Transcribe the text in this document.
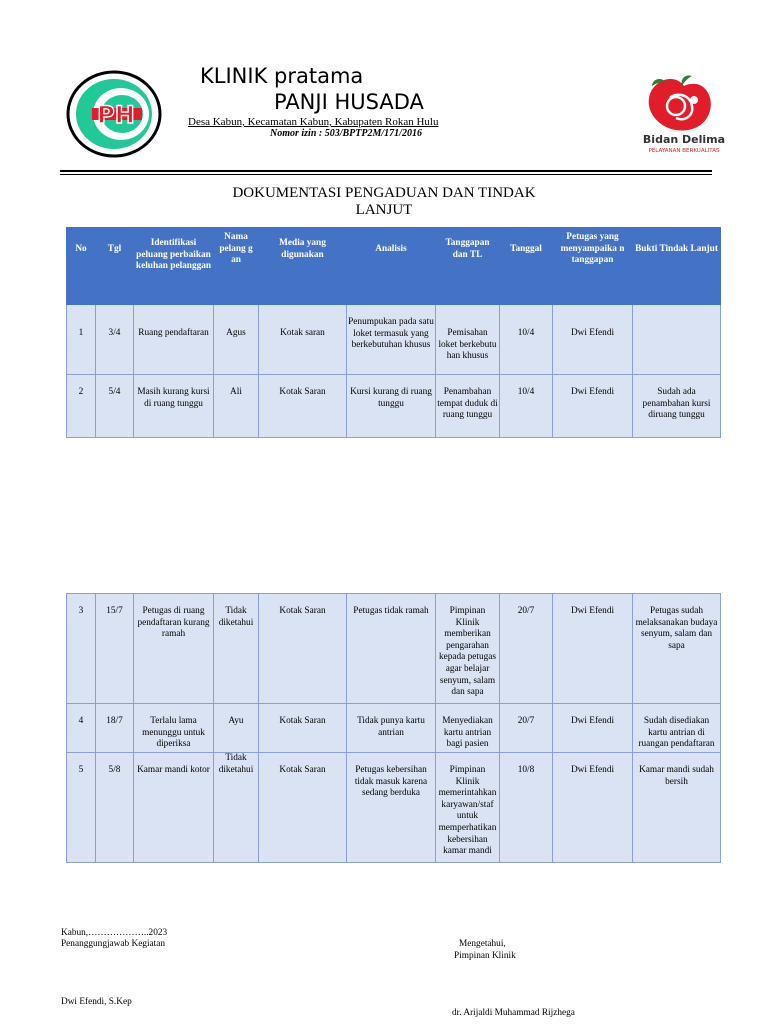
PH
KLINIK pratama
PANJI HUSADA
Desa Kabun, Kecamatan Kabun, Kabupaten Rokan Hulu
Nomor izin : 503/BPTP2M/171/2016	Bidan Delima
PELAYANAN BERKUALITAS
DOKUMENTASI PENGADUAN DAN TINDAK
LANJUT
No	Tgl	Identifikasi peluang perbaikan keluhan pelanggan	Nama pelang g an	Media yang digunakan	Analisis	Tanggapan dan TL	Tanggal	Petugas yang menyampaika n tanggapan	Bukti Tindak Lanjut
1	3/4	Ruang pendaftaran	Agus	Kotak saran	Penumpukan pada satu loket termasuk yang berkebutuhan khusus	Pemisahan loket berkebutu han khusus	10/4	Dwi Efendi	
2	5/4	Masih kurang kursi di ruang tunggu	Ali	Kotak Saran	Kursi kurang di ruang tunggu	Penambahan tempat duduk di ruang tunggu	10/4	Dwi Efendi	Sudah ada penambahan kursi diruang tunggu
3	15/7	Petugas di ruang pendaftaran kurang ramah	Tidak diketahui	Kotak Saran	Petugas tidak ramah	Pimpinan Klinik memberikan pengarahan kepada petugas agar belajar senyum, salam dan sapa	20/7	Dwi Efendi	Petugas sudah melaksanakan budaya senyum, salam dan sapa
4	18/7	Terlalu lama menunggu untuk diperiksa	Ayu	Kotak Saran	Tidak punya kartu antrian	Menyediakan kartu antrian bagi pasien	20/7	Dwi Efendi	Sudah disediakan kartu antrian di ruangan pendaftaran
5	5/8	Kamar mandi kotor	Tidak diketahui	Kotak Saran	Petugas kebersihan tidak masuk karena sedang berduka	Pimpinan Klinik memerintahkan karyawan/staf untuk memperhatikan kebersihan kamar mandi	10/8	Dwi Efendi	Kamar mandi sudah bersih
Kabun,………………..2023
Penanggungjawab Kegiatan
Dwi Efendi, S.Kep
Mengetahui,
Pimpinan Klinik
dr. Arijaldi Muhammad Rijzhega
